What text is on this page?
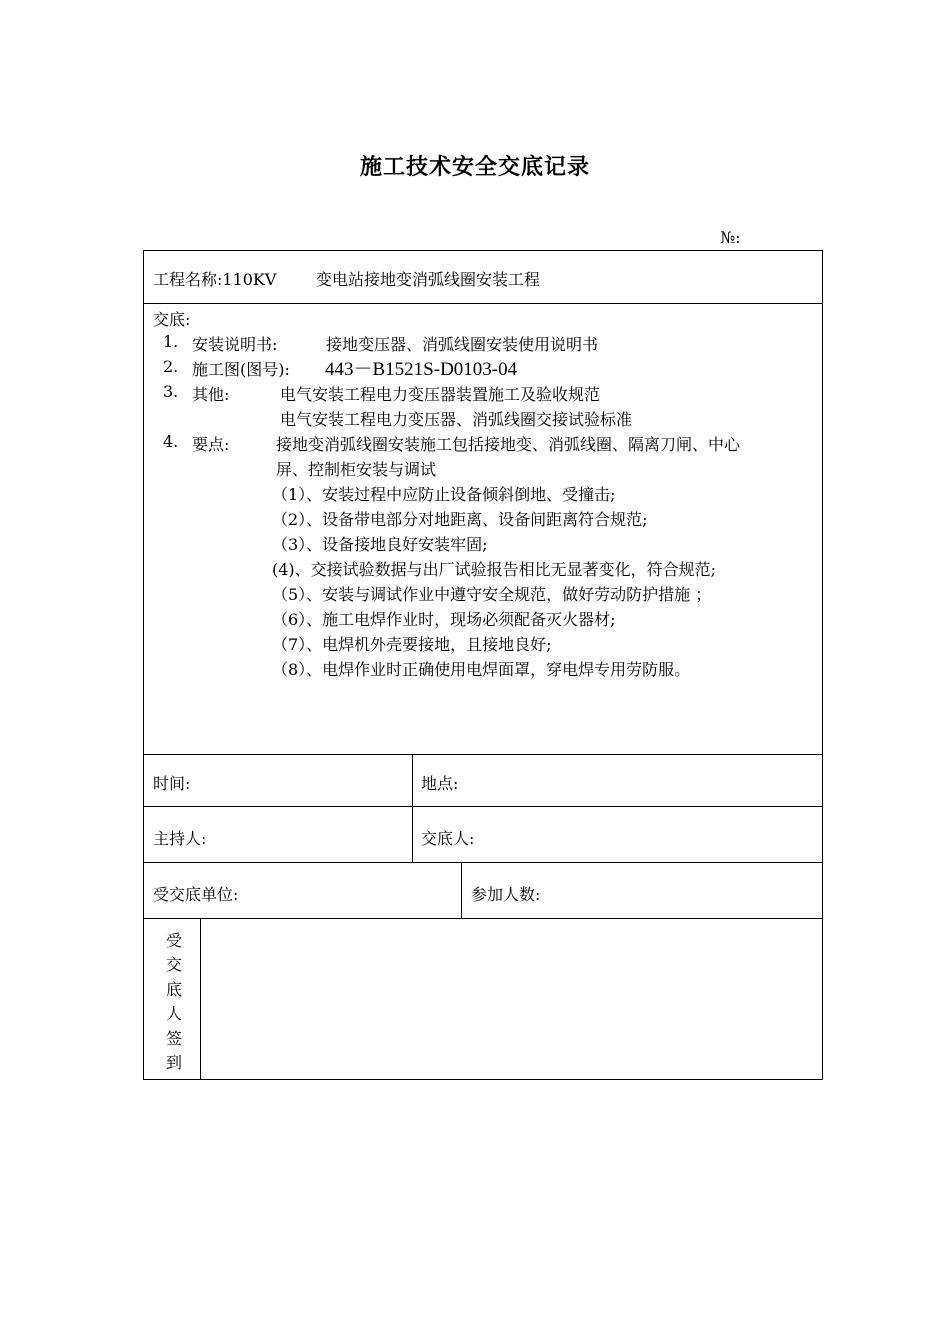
施工技术安全交底记录
№:
工程名称:110KV 变电站接地变消弧线圈安装工程
交底:
1. 安装说明书:	接地变压器、消弧线圈安装使用说明书
2. 施工图(图号): 443－B1521S-D0103-04
3. 其他:	电气安装工程电力变压器装置施工及验收规范
电气安装工程电力变压器、消弧线圈交接试验标准
4. 要点:	接地变消弧线圈安装施工包括接地变、消弧线圈、隔离刀闸、中心
屏、控制柜安装与调试
（1）、安装过程中应防止设备倾斜倒地、受撞击;
（2）、设备带电部分对地距离、设备间距离符合规范;
（3）、设备接地良好安装牢固;
(4)、交接试验数据与出厂试验报告相比无显著变化，符合规范;
（5）、安装与调试作业中遵守安全规范，做好劳动防护措施 ；
（6）、施工电焊作业时，现场必须配备灭火器材;
（7）、电焊机外壳要接地，且接地良好;
（8）、电焊作业时正确使用电焊面罩，穿电焊专用劳防服。
时间:	地点:
主持人:	交底人:
受交底单位:	参加人数:
受
交
底
人
签
到
